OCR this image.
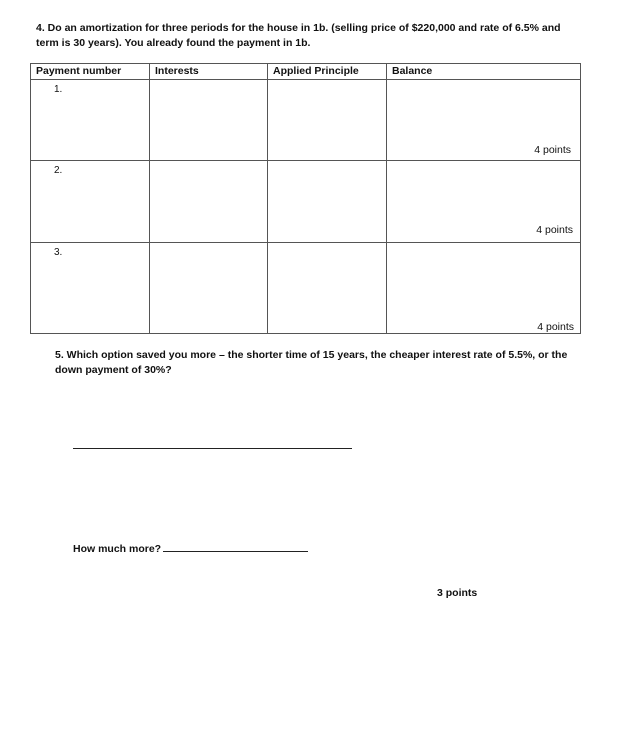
4. Do an amortization for three periods for the house in 1b. (selling price of $220,000 and rate of 6.5% and
term is 30 years). You already found the payment in 1b.
Payment number	Interests	Applied Principle	Balance
1.			4 points

2.			4 points

3.			4 points
5. Which option saved you more – the shorter time of 15 years, the cheaper interest rate of 5.5%, or the
down payment of 30%?
How much more?
3 points
